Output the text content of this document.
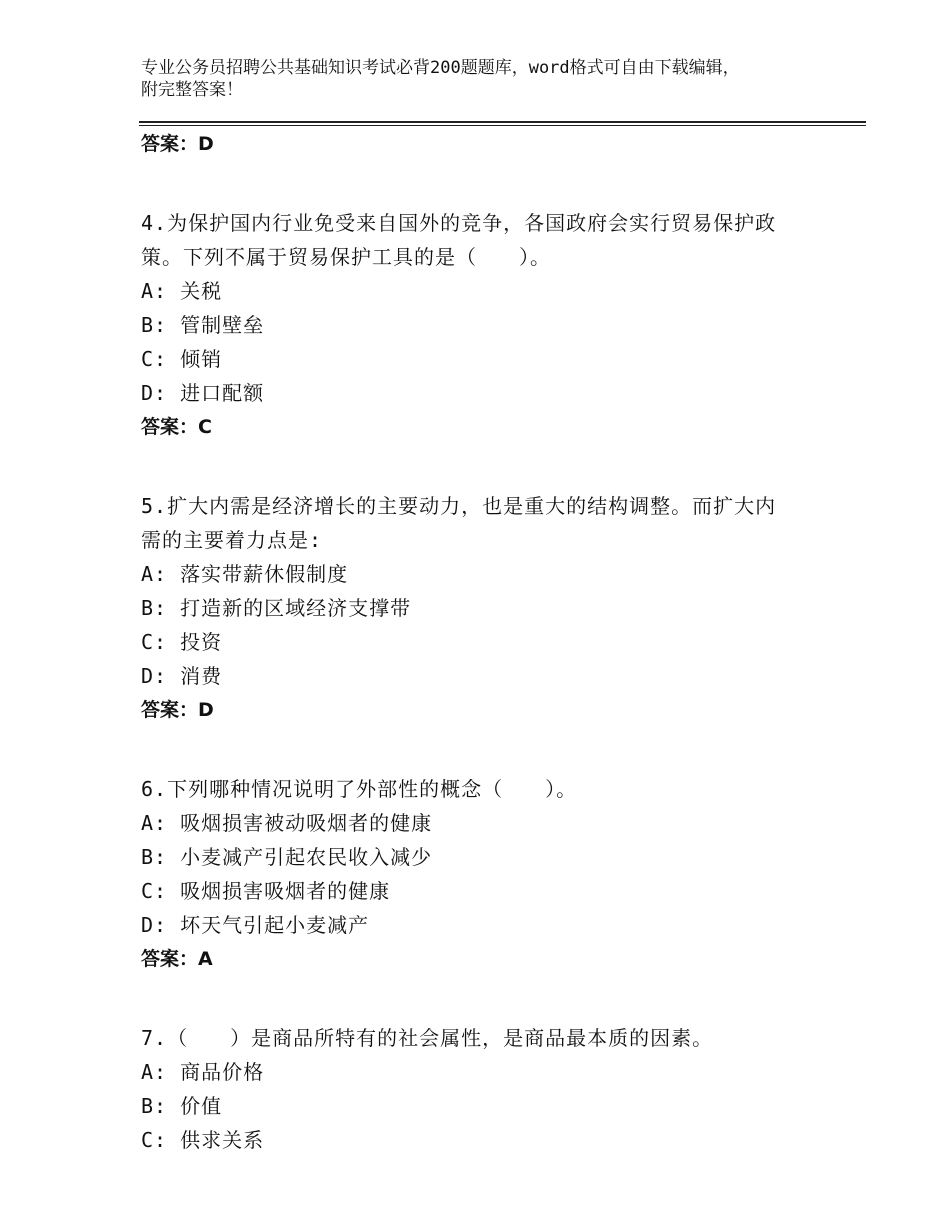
专业公务员招聘公共基础知识考试必背200题题库，word格式可自由下载编辑，
附完整答案！
答案：D
4.为保护国内行业免受来自国外的竞争，各国政府会实行贸易保护政
策。下列不属于贸易保护工具的是（　　）。
A: 关税
B: 管制壁垒
C: 倾销
D: 进口配额
答案：C
5.扩大内需是经济增长的主要动力，也是重大的结构调整。而扩大内
需的主要着力点是:
A: 落实带薪休假制度
B: 打造新的区域经济支撑带
C: 投资
D: 消费
答案：D
6.下列哪种情况说明了外部性的概念（　　）。
A: 吸烟损害被动吸烟者的健康
B: 小麦减产引起农民收入减少
C: 吸烟损害吸烟者的健康
D: 坏天气引起小麦减产
答案：A
7.（　　）是商品所特有的社会属性，是商品最本质的因素。
A: 商品价格
B: 价值
C: 供求关系
